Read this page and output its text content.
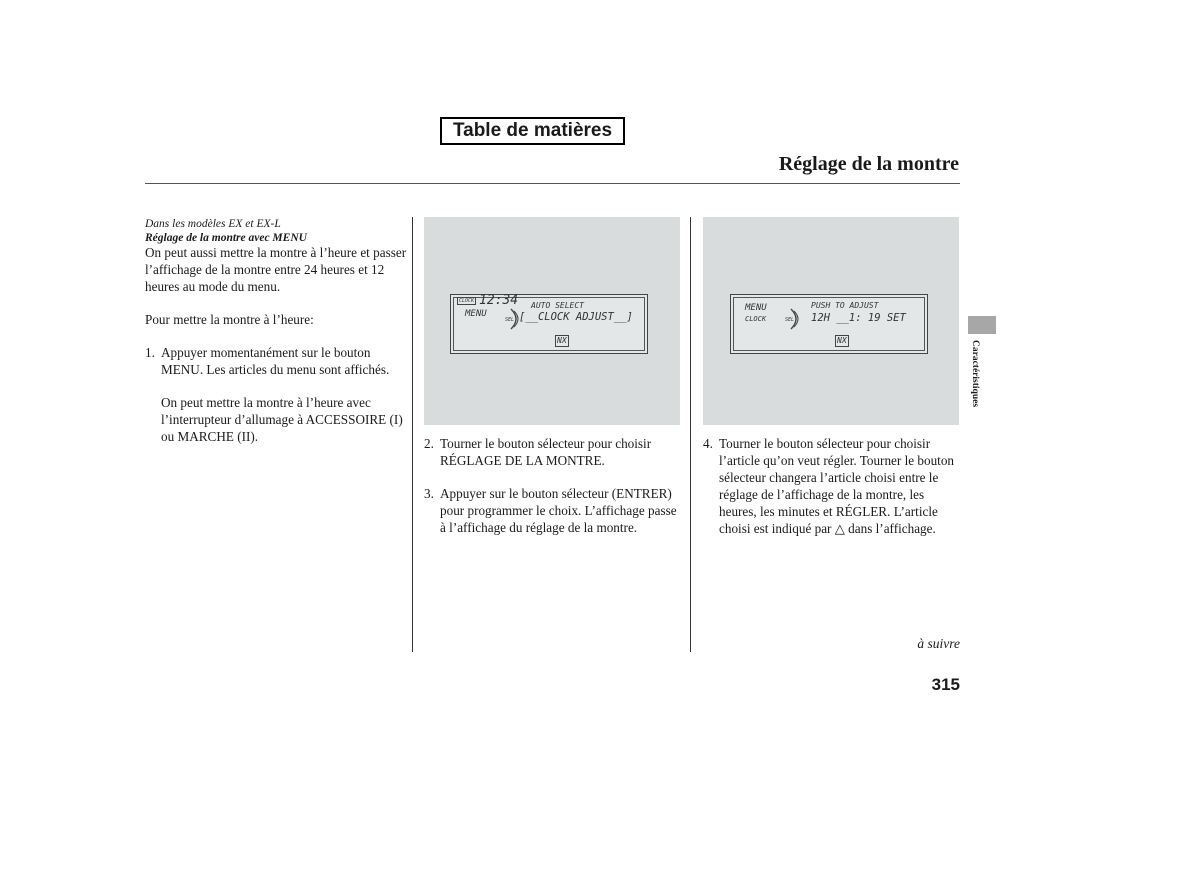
Table de matières
Réglage de la montre
Dans les modèles EX et EX-L
Réglage de la montre avec MENU

On peut aussi mettre la montre à l’heure et passer l’affichage de la montre entre 24 heures et 12 heures au mode du menu.

Pour mettre la montre à l’heure:

1. Appuyer momentanément sur le bouton MENU. Les articles du menu sont affichés.
On peut mettre la montre à l’heure avec l’interrupteur d’allumage à ACCESSOIRE (I) ou MARCHE (II).
CLOCK 12:34
MENU
SEL
AUTO SELECT
[__CLOCK ADJUST__]
NX
2. Tourner le bouton sélecteur pour choisir RÉGLAGE DE LA MONTRE.
3. Appuyer sur le bouton sélecteur (ENTRER) pour programmer le choix. L’affichage passe à l’affichage du réglage de la montre.
MENU
CLOCK	SEL
PUSH TO ADJUST
12H __1: 19 SET
NX
4. Tourner le bouton sélecteur pour choisir l’article qu’on veut régler. Tourner le bouton sélecteur changera l’article choisi entre le réglage de l’affichage de la montre, les heures, les minutes et RÉGLER. L’article choisi est indiqué par △ dans l’affichage.
Caractéristiques
à suivre
315
